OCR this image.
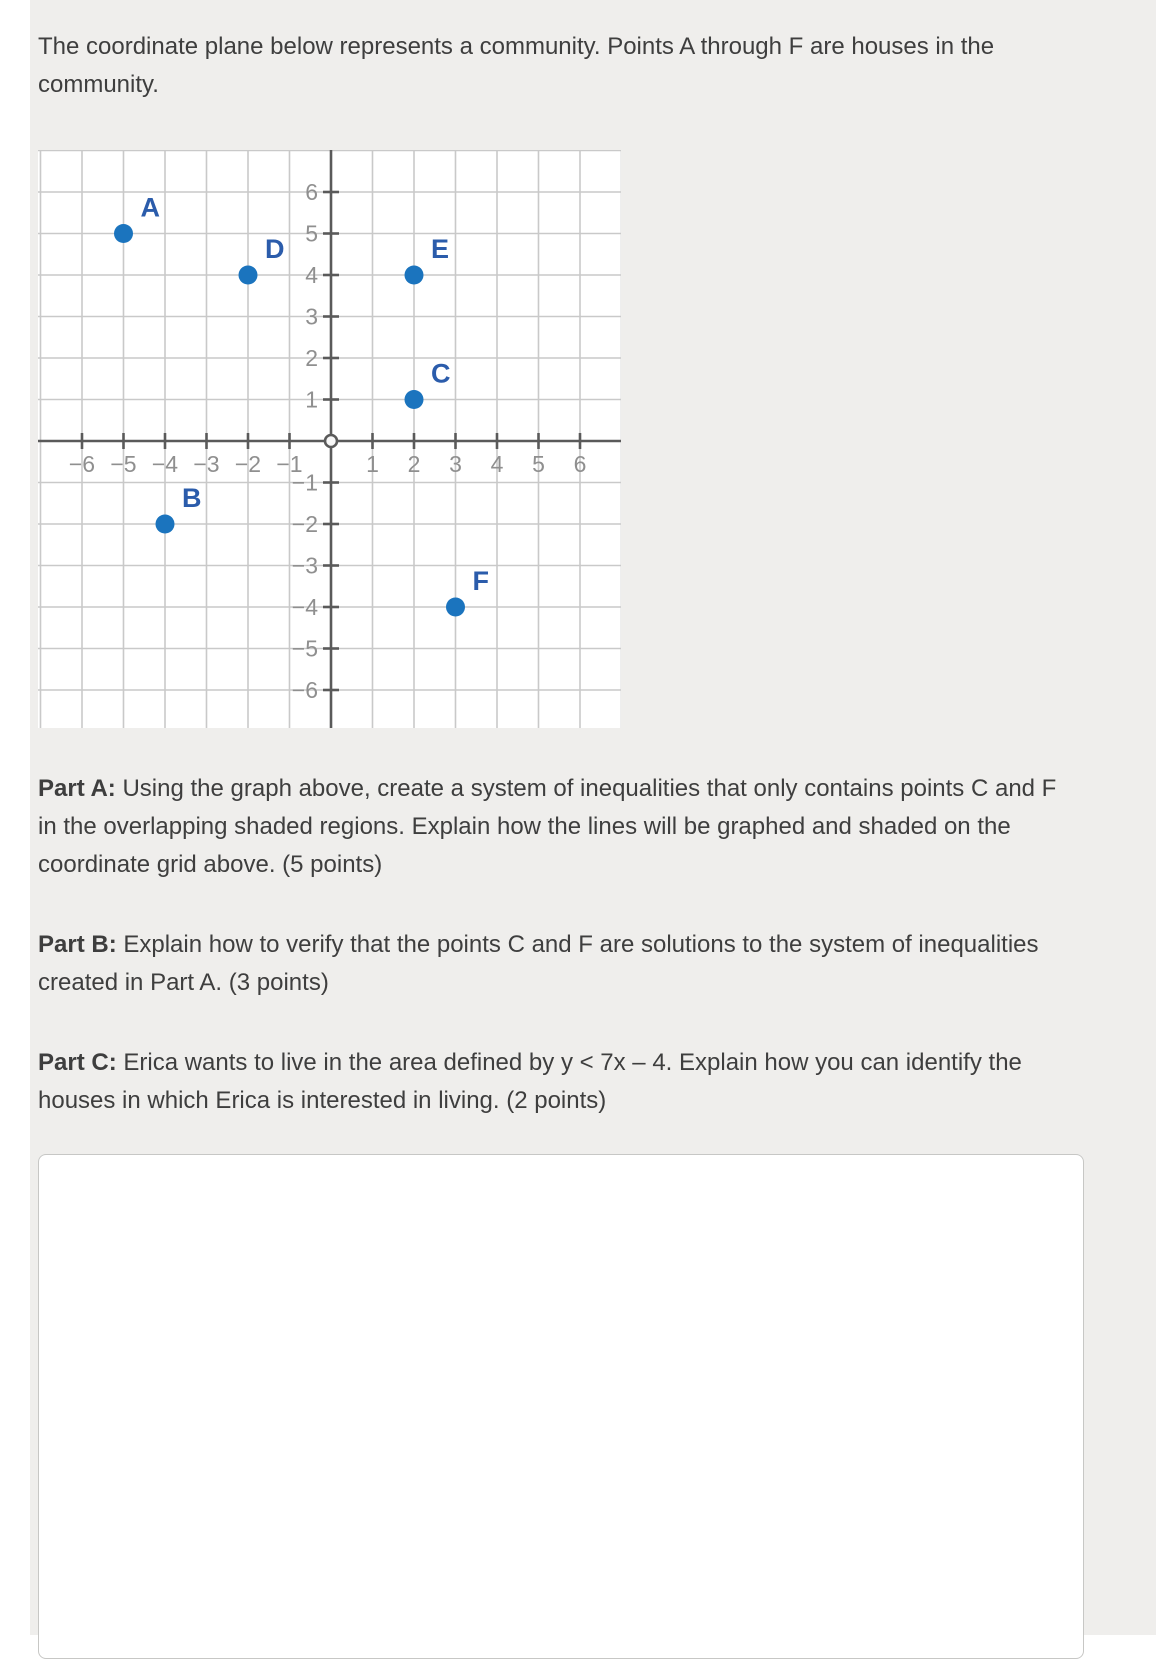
The coordinate plane below represents a community. Points A through F are houses in the community.

−6 −5 −4 −3 −2 −1	1 2 3 4 5 6
−6
−5
−4
−3
−2
−1
1
2
3
4
5
6
A
B
C
D	E
F

Part A: Using the graph above, create a system of inequalities that only contains points C and F in the overlapping shaded regions. Explain how the lines will be graphed and shaded on the coordinate grid above. (5 points)

Part B: Explain how to verify that the points C and F are solutions to the system of inequalities created in Part A. (3 points)

Part C: Erica wants to live in the area defined by y < 7x – 4. Explain how you can identify the houses in which Erica is interested in living. (2 points)
